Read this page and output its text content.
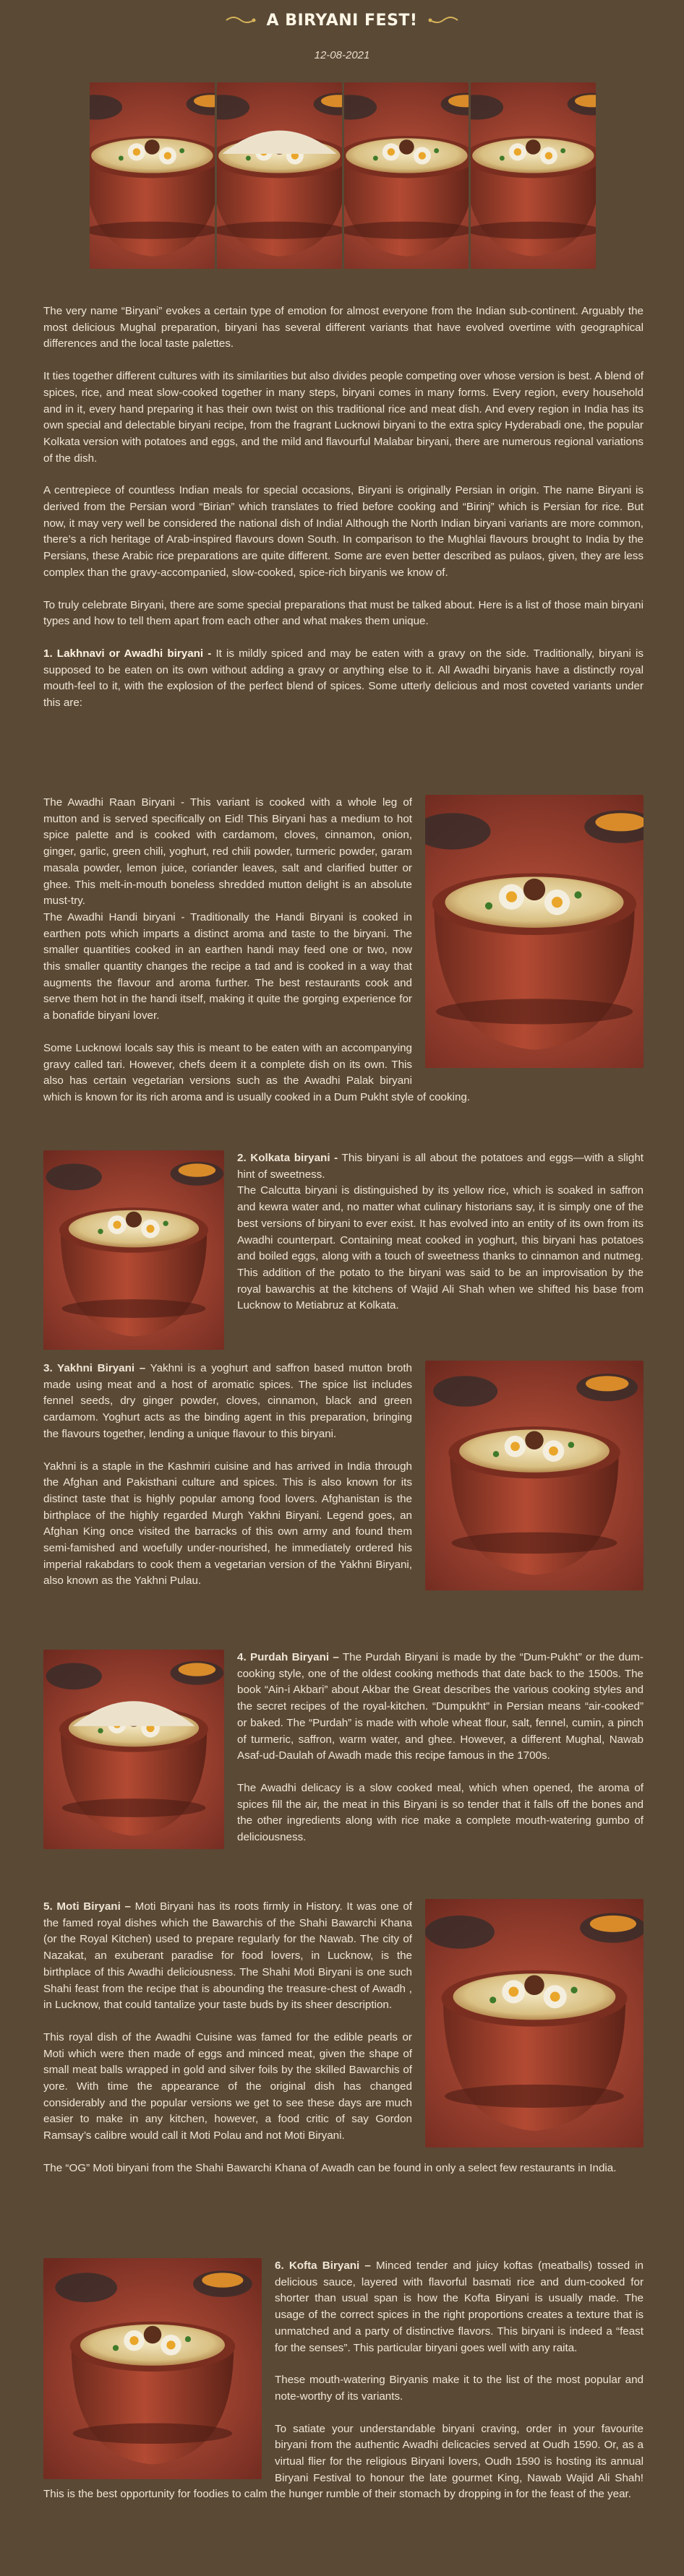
A BIRYANI FEST!
12-08-2021

The very name “Biryani” evokes a certain type of emotion for almost everyone from the Indian sub-continent. Arguably the most delicious Mughal preparation, biryani has several different variants that have evolved overtime with geographical differences and the local taste palettes.

It ties together different cultures with its similarities but also divides people competing over whose version is best. A blend of spices, rice, and meat slow-cooked together in many steps, biryani comes in many forms. Every region, every household and in it, every hand preparing it has their own twist on this traditional rice and meat dish. And every region in India has its own special and delectable biryani recipe, from the fragrant Lucknowi biryani to the extra spicy Hyderabadi one, the popular Kolkata version with potatoes and eggs, and the mild and flavourful Malabar biryani, there are numerous regional variations of the dish.

A centrepiece of countless Indian meals for special occasions, Biryani is originally Persian in origin. The name Biryani is derived from the Persian word “Birian” which translates to fried before cooking and “Birinj” which is Persian for rice. But now, it may very well be considered the national dish of India! Although the North Indian biryani variants are more common, there’s a rich heritage of Arab-inspired flavours down South. In comparison to the Mughlai flavours brought to India by the Persians, these Arabic rice preparations are quite different. Some are even better described as pulaos, given, they are less complex than the gravy-accompanied, slow-cooked, spice-rich biryanis we know of.

To truly celebrate Biryani, there are some special preparations that must be talked about. Here is a list of those main biryani types and how to tell them apart from each other and what makes them unique.

1. Lakhnavi or Awadhi biryani - It is mildly spiced and may be eaten with a gravy on the side. Traditionally, biryani is supposed to be eaten on its own without adding a gravy or anything else to it. All Awadhi biryanis have a distinctly royal mouth-feel to it, with the explosion of the perfect blend of spices. Some utterly delicious and most coveted variants under this are:

The Awadhi Raan Biryani - This variant is cooked with a whole leg of mutton and is served specifically on Eid! This Biryani has a medium to hot spice palette and is cooked with cardamom, cloves, cinnamon, onion, ginger, garlic, green chili, yoghurt, red chili powder, turmeric powder, garam masala powder, lemon juice, coriander leaves, salt and clarified butter or ghee. This melt-in-mouth boneless shredded mutton delight is an absolute must-try.

The Awadhi Handi biryani - Traditionally the Handi Biryani is cooked in earthen pots which imparts a distinct aroma and taste to the biryani. The smaller quantities cooked in an earthen handi may feed one or two, now this smaller quantity changes the recipe a tad and is cooked in a way that augments the flavour and aroma further. The best restaurants cook and serve them hot in the handi itself, making it quite the gorging experience for a bonafide biryani lover.

Some Lucknowi locals say this is meant to be eaten with an accompanying gravy called tari. However, chefs deem it a complete dish on its own. This also has certain vegetarian versions such as the Awadhi Palak biryani which is known for its rich aroma and is usually cooked in a Dum Pukht style of cooking.

2. Kolkata biryani - This biryani is all about the potatoes and eggs—with a slight hint of sweetness.

The Calcutta biryani is distinguished by its yellow rice, which is soaked in saffron and kewra water and, no matter what culinary historians say, it is simply one of the best versions of biryani to ever exist. It has evolved into an entity of its own from its Awadhi counterpart. Containing meat cooked in yoghurt, this biryani has potatoes and boiled eggs, along with a touch of sweetness thanks to cinnamon and nutmeg. This addition of the potato to the biryani was said to be an improvisation by the royal bawarchis at the kitchens of Wajid Ali Shah when we shifted his base from Lucknow to Metiabruz at Kolkata.

3. Yakhni Biryani – Yakhni is a yoghurt and saffron based mutton broth made using meat and a host of aromatic spices. The spice list includes fennel seeds, dry ginger powder, cloves, cinnamon, black and green cardamom. Yoghurt acts as the binding agent in this preparation, bringing the flavours together, lending a unique flavour to this biryani.

Yakhni is a staple in the Kashmiri cuisine and has arrived in India through the Afghan and Pakisthani culture and spices. This is also known for its distinct taste that is highly popular among food lovers. Afghanistan is the birthplace of the highly regarded Murgh Yakhni Biryani. Legend goes, an Afghan King once visited the barracks of this own army and found them semi-famished and woefully under-nourished, he immediately ordered his imperial rakabdars to cook them a vegetarian version of the Yakhni Biryani, also known as the Yakhni Pulau.

4. Purdah Biryani – The Purdah Biryani is made by the “Dum-Pukht” or the dum-cooking style, one of the oldest cooking methods that date back to the 1500s. The book “Ain-i Akbari” about Akbar the Great describes the various cooking styles and the secret recipes of the royal-kitchen. “Dumpukht” in Persian means “air-cooked” or baked. The “Purdah” is made with whole wheat flour, salt, fennel, cumin, a pinch of turmeric, saffron, warm water, and ghee. However, a different Mughal, Nawab Asaf-ud-Daulah of Awadh made this recipe famous in the 1700s.

The Awadhi delicacy is a slow cooked meal, which when opened, the aroma of spices fill the air, the meat in this Biryani is so tender that it falls off the bones and the other ingredients along with rice make a complete mouth-watering gumbo of deliciousness.

5. Moti Biryani – Moti Biryani has its roots firmly in History. It was one of the famed royal dishes which the Bawarchis of the Shahi Bawarchi Khana (or the Royal Kitchen) used to prepare regularly for the Nawab. The city of Nazakat, an exuberant paradise for food lovers, in Lucknow, is the birthplace of this Awadhi deliciousness. The Shahi Moti Biryani is one such Shahi feast from the recipe that is abounding the treasure-chest of Awadh , in Lucknow, that could tantalize your taste buds by its sheer description.

This royal dish of the Awadhi Cuisine was famed for the edible pearls or Moti which were then made of eggs and minced meat, given the shape of small meat balls wrapped in gold and silver foils by the skilled Bawarchis of yore. With time the appearance of the original dish has changed considerably and the popular versions we get to see these days are much easier to make in any kitchen, however, a food critic of say Gordon Ramsay’s calibre would call it Moti Polau and not Moti Biryani.

The “OG” Moti biryani from the Shahi Bawarchi Khana of Awadh can be found in only a select few restaurants in India.

6. Kofta Biryani – Minced tender and juicy koftas (meatballs) tossed in delicious sauce, layered with flavorful basmati rice and dum-cooked for shorter than usual span is how the Kofta Biryani is usually made. The usage of the correct spices in the right proportions creates a texture that is unmatched and a party of distinctive flavors. This biryani is indeed a “feast for the senses”. This particular biryani goes well with any raita.

These mouth-watering Biryanis make it to the list of the most popular and note-worthy of its variants.

To satiate your understandable biryani craving, order in your favourite biryani from the authentic Awadhi delicacies served at Oudh 1590. Or, as a virtual flier for the religious Biryani lovers, Oudh 1590 is hosting its annual Biryani Festival to honour the late gourmet King, Nawab Wajid Ali Shah! This is the best opportunity for foodies to calm the hunger rumble of their stomach by dropping in for the feast of the year.
